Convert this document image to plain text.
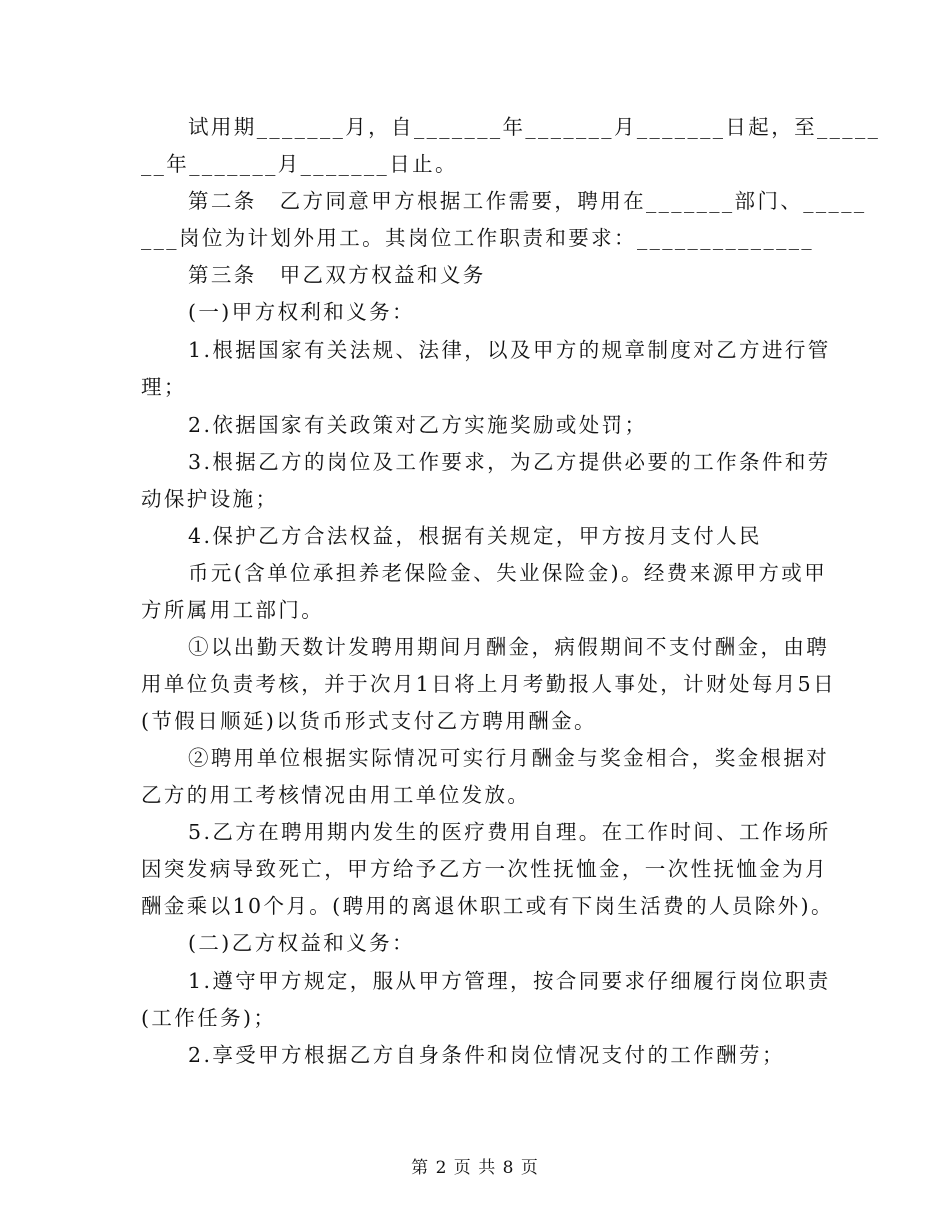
试用期_______月，自_______年_______月_______日起，至_____
__年_______月_______日止。
第二条　乙方同意甲方根据工作需要，聘用在_______部门、_____
___岗位为计划外用工。其岗位工作职责和要求：______________
第三条　甲乙双方权益和义务
(一)甲方权利和义务：
1.根据国家有关法规、法律，以及甲方的规章制度对乙方进行管
理；
2.依据国家有关政策对乙方实施奖励或处罚；
3.根据乙方的岗位及工作要求，为乙方提供必要的工作条件和劳
动保护设施；
4.保护乙方合法权益，根据有关规定，甲方按月支付人民
币元(含单位承担养老保险金、失业保险金)。经费来源甲方或甲
方所属用工部门。
①以出勤天数计发聘用期间月酬金，病假期间不支付酬金，由聘
用单位负责考核，并于次月1日将上月考勤报人事处，计财处每月5日
(节假日顺延)以货币形式支付乙方聘用酬金。
②聘用单位根据实际情况可实行月酬金与奖金相合，奖金根据对
乙方的用工考核情况由用工单位发放。
5.乙方在聘用期内发生的医疗费用自理。在工作时间、工作场所
因突发病导致死亡，甲方给予乙方一次性抚恤金，一次性抚恤金为月
酬金乘以10个月。(聘用的离退休职工或有下岗生活费的人员除外)。
(二)乙方权益和义务：
1.遵守甲方规定，服从甲方管理，按合同要求仔细履行岗位职责
(工作任务)；
2.享受甲方根据乙方自身条件和岗位情况支付的工作酬劳；
第 2 页 共 8 页
